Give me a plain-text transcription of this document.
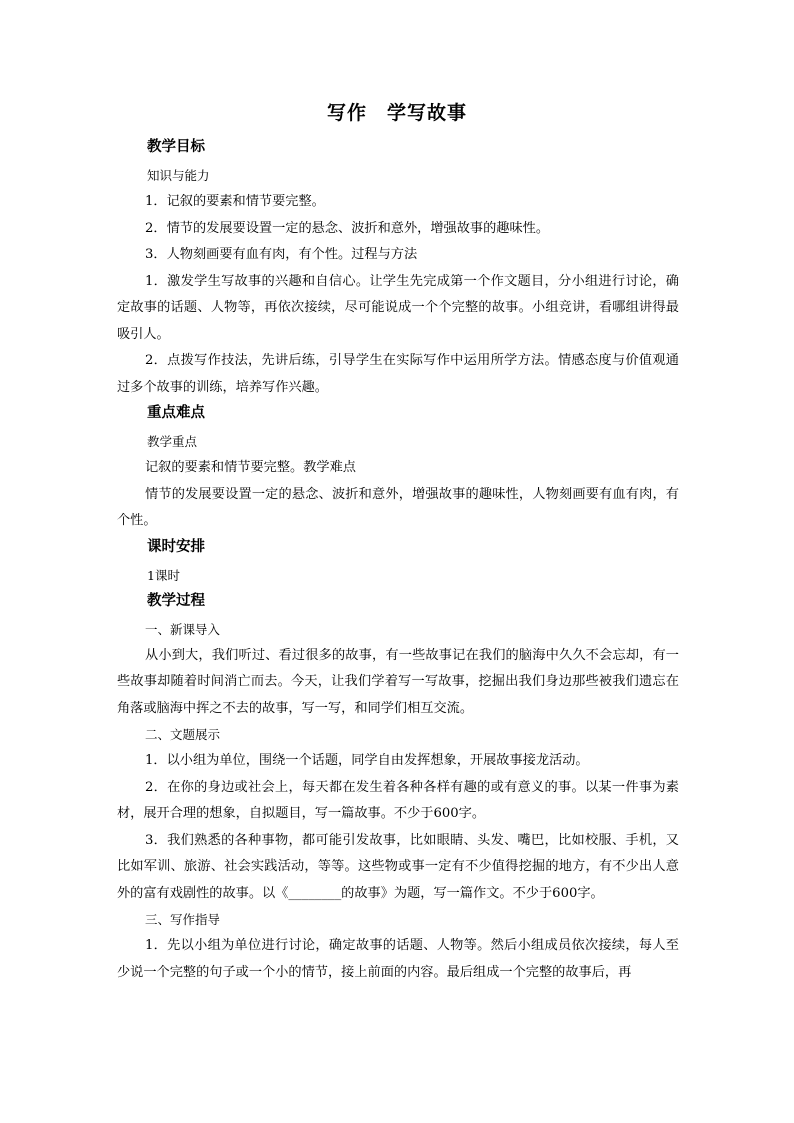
写作　学写故事
教学目标
知识与能力

1．记叙的要素和情节要完整。

2．情节的发展要设置一定的悬念、波折和意外，增强故事的趣味性。

3．人物刻画要有血有肉，有个性。过程与方法

1．激发学生写故事的兴趣和自信心。让学生先完成第一个作文题目，分小组进行讨论，确定故事的话题、人物等，再依次接续，尽可能说成一个个完整的故事。小组竞讲，看哪组讲得最吸引人。

2．点拨写作技法，先讲后练，引导学生在实际写作中运用所学方法。情感态度与价值观通过多个故事的训练，培养写作兴趣。

重点难点
教学重点

记叙的要素和情节要完整。教学难点

情节的发展要设置一定的悬念、波折和意外，增强故事的趣味性，人物刻画要有血有肉，有个性。

课时安排
1课时
教学过程
一、新课导入

从小到大，我们听过、看过很多的故事，有一些故事记在我们的脑海中久久不会忘却，有一些故事却随着时间消亡而去。今天，让我们学着写一写故事，挖掘出我们身边那些被我们遗忘在角落或脑海中挥之不去的故事，写一写，和同学们相互交流。

二、文题展示

1．以小组为单位，围绕一个话题，同学自由发挥想象，开展故事接龙活动。

2．在你的身边或社会上，每天都在发生着各种各样有趣的或有意义的事。以某一件事为素材，展开合理的想象，自拟题目，写一篇故事。不少于600字。

3．我们熟悉的各种事物，都可能引发故事，比如眼睛、头发、嘴巴，比如校服、手机，又比如军训、旅游、社会实践活动，等等。这些物或事一定有不少值得挖掘的地方，有不少出人意外的富有戏剧性的故事。以《________的故事》为题，写一篇作文。不少于600字。

三、写作指导

1．先以小组为单位进行讨论，确定故事的话题、人物等。然后小组成员依次接续，每人至少说一个完整的句子或一个小的情节，接上前面的内容。最后组成一个完整的故事后，再
